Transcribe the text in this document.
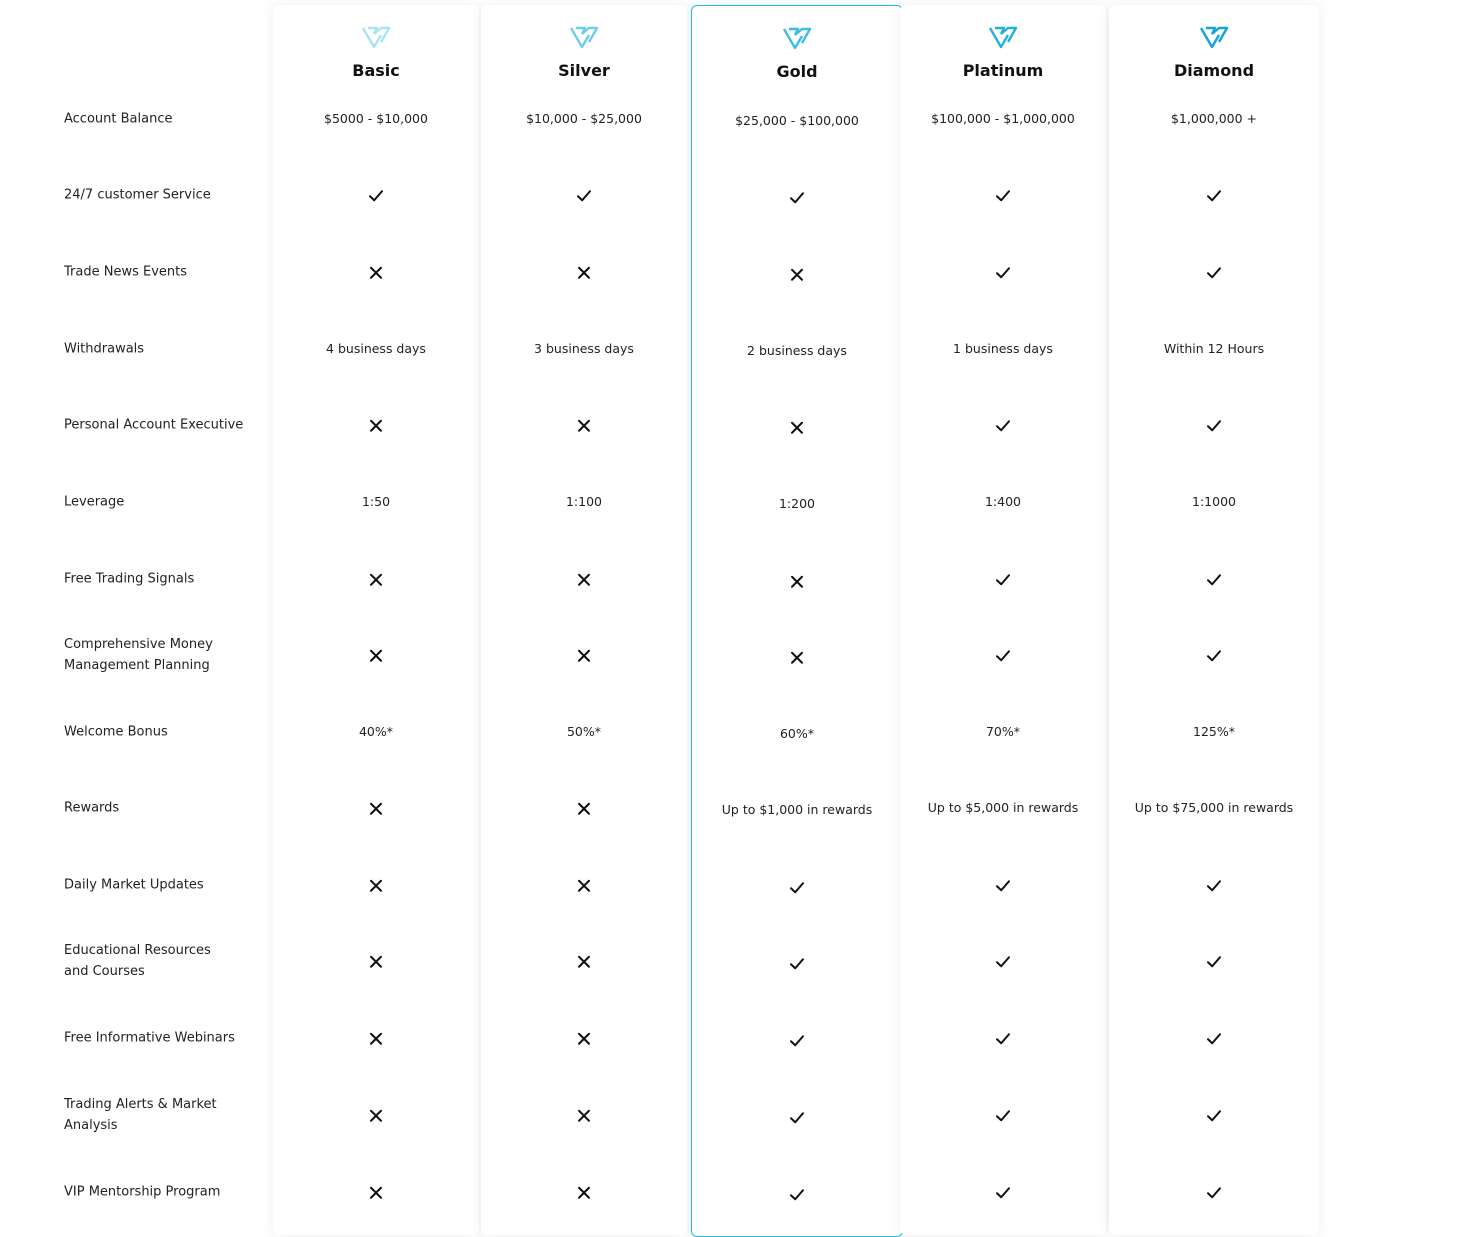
Account Balance
24/7 customer Service
Trade News Events
Withdrawals
Personal Account Executive
Leverage
Free Trading Signals
Comprehensive Money Management Planning
Welcome Bonus
Rewards
Daily Market Updates
Educational Resources and Courses
Free Informative Webinars
Trading Alerts & Market Analysis
VIP Mentorship Program
Basic
$5000 - $10,000
4 business days
1:50
40%*
Silver
$10,000 - $25,000
3 business days
1:100
50%*
Gold
$25,000 - $100,000
2 business days
1:200
60%*
Up to $1,000 in rewards
Platinum
$100,000 - $1,000,000
1 business days
1:400
70%*
Up to $5,000 in rewards
Diamond
$1,000,000 +
Within 12 Hours
1:1000
125%*
Up to $75,000 in rewards
